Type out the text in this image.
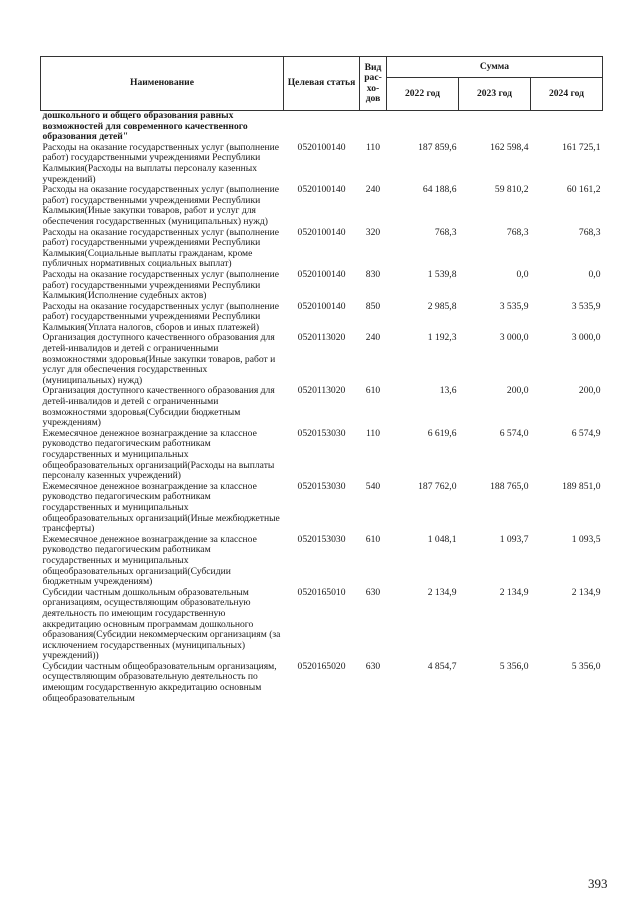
Наименование	Целевая статья	Вид рас- хо- дов	Сумма		
			2022 год	2023 год	2024 год
дошкольного и общего образования равных возможностей для современного качественного образования детей"					
Расходы на оказание государственных услуг (выполнение работ) государственными учреждениями Республики Калмыкия(Расходы на выплаты персоналу казенных учреждений)	0520100140	110	187 859,6	162 598,4	161 725,1
Расходы на оказание государственных услуг (выполнение работ) государственными учреждениями Республики Калмыкия(Иные закупки товаров, работ и услуг для обеспечения государственных (муниципальных) нужд)	0520100140	240	64 188,6	59 810,2	60 161,2
Расходы на оказание государственных услуг (выполнение работ) государственными учреждениями Республики Калмыкия(Социальные выплаты гражданам, кроме публичных нормативных социальных выплат)	0520100140	320	768,3	768,3	768,3
Расходы на оказание государственных услуг (выполнение работ) государственными учреждениями Республики Калмыкия(Исполнение судебных актов)	0520100140	830	1 539,8	0,0	0,0
Расходы на оказание государственных услуг (выполнение работ) государственными учреждениями Республики Калмыкия(Уплата налогов, сборов и иных платежей)	0520100140	850	2 985,8	3 535,9	3 535,9
Организация доступного качественного образования для детей-инвалидов и детей с ограниченными возможностями здоровья(Иные закупки товаров, работ и услуг для обеспечения государственных (муниципальных) нужд)	0520113020	240	1 192,3	3 000,0	3 000,0
Организация доступного качественного образования для детей-инвалидов и детей с ограниченными возможностями здоровья(Субсидии бюджетным учреждениям)	0520113020	610	13,6	200,0	200,0
Ежемесячное денежное вознаграждение за классное руководство педагогическим работникам государственных и муниципальных общеобразовательных организаций(Расходы на выплаты персоналу казенных учреждений)	0520153030	110	6 619,6	6 574,0	6 574,9
Ежемесячное денежное вознаграждение за классное руководство педагогическим работникам государственных и муниципальных общеобразовательных организаций(Иные межбюджетные трансферты)	0520153030	540	187 762,0	188 765,0	189 851,0
Ежемесячное денежное вознаграждение за классное руководство педагогическим работникам государственных и муниципальных общеобразовательных организаций(Субсидии бюджетным учреждениям)	0520153030	610	1 048,1	1 093,7	1 093,5
Субсидии частным дошкольным образовательным организациям, осуществляющим образовательную деятельность по имеющим государственную аккредитацию основным программам дошкольного образования(Субсидии некоммерческим организациям (за исключением государственных (муниципальных) учреждений))	0520165010	630	2 134,9	2 134,9	2 134,9
Субсидии частным общеобразовательным организациям, осуществляющим образовательную деятельность по имеющим государственную аккредитацию основным общеобразовательным	0520165020	630	4 854,7	5 356,0	5 356,0
393
